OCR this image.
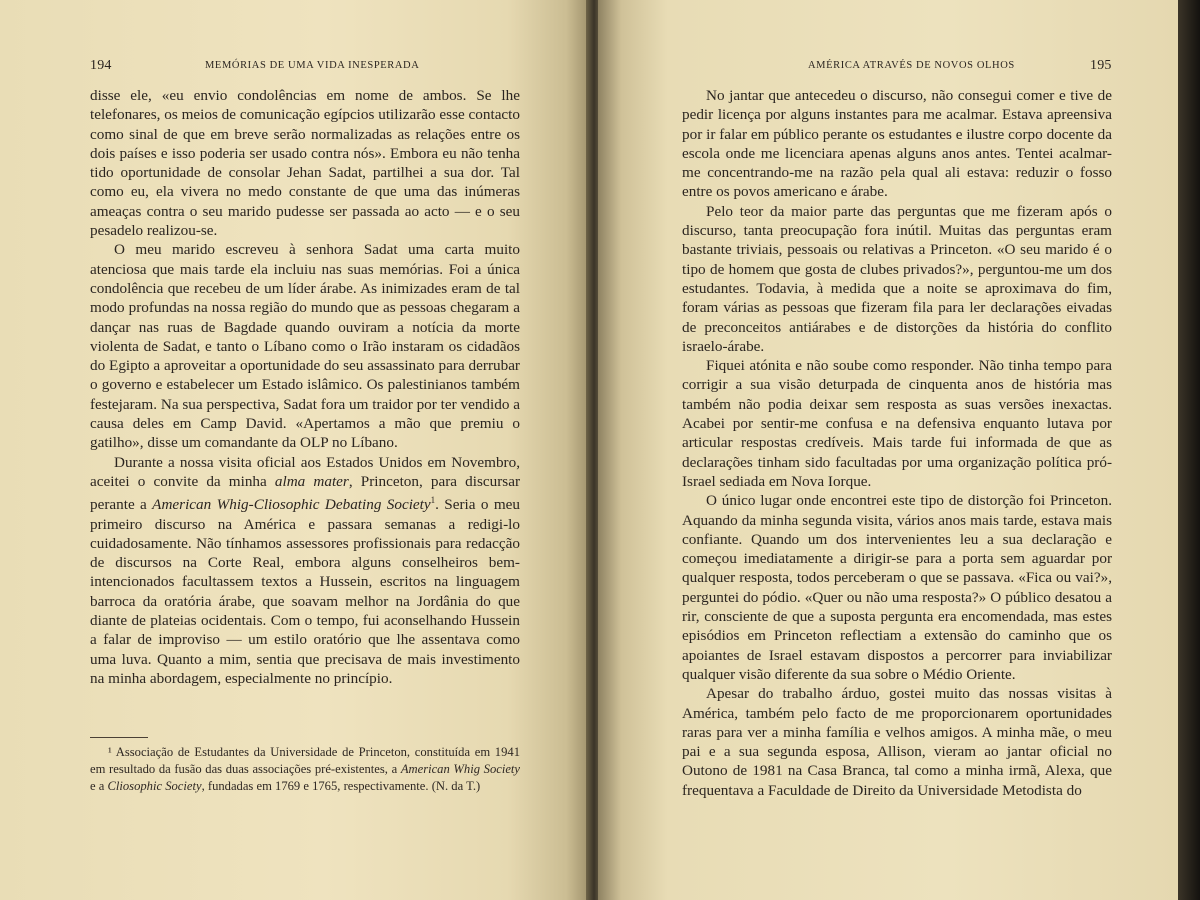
194	MEMÓRIAS DE UMA VIDA INESPERADA

disse ele, «eu envio condolências em nome de ambos. Se lhe telefonares, os meios de comunicação egípcios utilizarão esse contacto como sinal de que em breve serão normalizadas as relações entre os dois países e isso poderia ser usado contra nós». Embora eu não tenha tido oportunidade de consolar Jehan Sadat, partilhei a sua dor. Tal como eu, ela vivera no medo constante de que uma das inúmeras ameaças contra o seu marido pudesse ser passada ao acto — e o seu pesadelo realizou-se.

O meu marido escreveu à senhora Sadat uma carta muito atenciosa que mais tarde ela incluiu nas suas memórias. Foi a única condolência que recebeu de um líder árabe. As inimizades eram de tal modo profundas na nossa região do mundo que as pessoas chegaram a dançar nas ruas de Bagdade quando ouviram a notícia da morte violenta de Sadat, e tanto o Líbano como o Irão instaram os cidadãos do Egipto a aproveitar a oportunidade do seu assassinato para derrubar o governo e estabelecer um Estado islâmico. Os palestinianos também festejaram. Na sua perspectiva, Sadat fora um traidor por ter vendido a causa deles em Camp David. «Apertamos a mão que premiu o gatilho», disse um comandante da OLP no Líbano.

Durante a nossa visita oficial aos Estados Unidos em Novembro, aceitei o convite da minha alma mater, Princeton, para discursar perante a American Whig-Cliosophic Debating Society$^1$. Seria o meu primeiro discurso na América e passara semanas a redigi-lo cuidadosamente. Não tínhamos assessores profissionais para redacção de discursos na Corte Real, embora alguns conselheiros bem-intencionados facultassem textos a Hussein, escritos na linguagem barroca da oratória árabe, que soavam melhor na Jordânia do que diante de plateias ocidentais. Com o tempo, fui aconselhando Hussein a falar de improviso — um estilo oratório que lhe assentava como uma luva. Quanto a mim, sentia que precisava de mais investimento na minha abordagem, especialmente no princípio.

¹ Associação de Estudantes da Universidade de Princeton, constituída em 1941 em resultado da fusão das duas associações pré-existentes, a American Whig Society e a Cliosophic Society, fundadas em 1769 e 1765, respectivamente. (N. da T.)

AMÉRICA ATRAVÉS DE NOVOS OLHOS	195

No jantar que antecedeu o discurso, não consegui comer e tive de pedir licença por alguns instantes para me acalmar. Estava apreensiva por ir falar em público perante os estudantes e ilustre corpo docente da escola onde me licenciara apenas alguns anos antes. Tentei acalmar-me concentrando-me na razão pela qual ali estava: reduzir o fosso entre os povos americano e árabe.

Pelo teor da maior parte das perguntas que me fizeram após o discurso, tanta preocupação fora inútil. Muitas das perguntas eram bastante triviais, pessoais ou relativas a Princeton. «O seu marido é o tipo de homem que gosta de clubes privados?», perguntou-me um dos estudantes. Todavia, à medida que a noite se aproximava do fim, foram várias as pessoas que fizeram fila para ler declarações eivadas de preconceitos antiárabes e de distorções da história do conflito israelo-árabe.

Fiquei atónita e não soube como responder. Não tinha tempo para corrigir a sua visão deturpada de cinquenta anos de história mas também não podia deixar sem resposta as suas versões inexactas. Acabei por sentir-me confusa e na defensiva enquanto lutava por articular respostas credíveis. Mais tarde fui informada de que as declarações tinham sido facultadas por uma organização política pró-Israel sediada em Nova Iorque.

O único lugar onde encontrei este tipo de distorção foi Princeton. Aquando da minha segunda visita, vários anos mais tarde, estava mais confiante. Quando um dos intervenientes leu a sua declaração e começou imediatamente a dirigir-se para a porta sem aguardar por qualquer resposta, todos perceberam o que se passava. «Fica ou vai?», perguntei do pódio. «Quer ou não uma resposta?» O público desatou a rir, consciente de que a suposta pergunta era encomendada, mas estes episódios em Princeton reflectiam a extensão do caminho que os apoiantes de Israel estavam dispostos a percorrer para inviabilizar qualquer visão diferente da sua sobre o Médio Oriente.

Apesar do trabalho árduo, gostei muito das nossas visitas à América, também pelo facto de me proporcionarem oportunidades raras para ver a minha família e velhos amigos. A minha mãe, o meu pai e a sua segunda esposa, Allison, vieram ao jantar oficial no Outono de 1981 na Casa Branca, tal como a minha irmã, Alexa, que frequentava a Faculdade de Direito da Universidade Metodista do
